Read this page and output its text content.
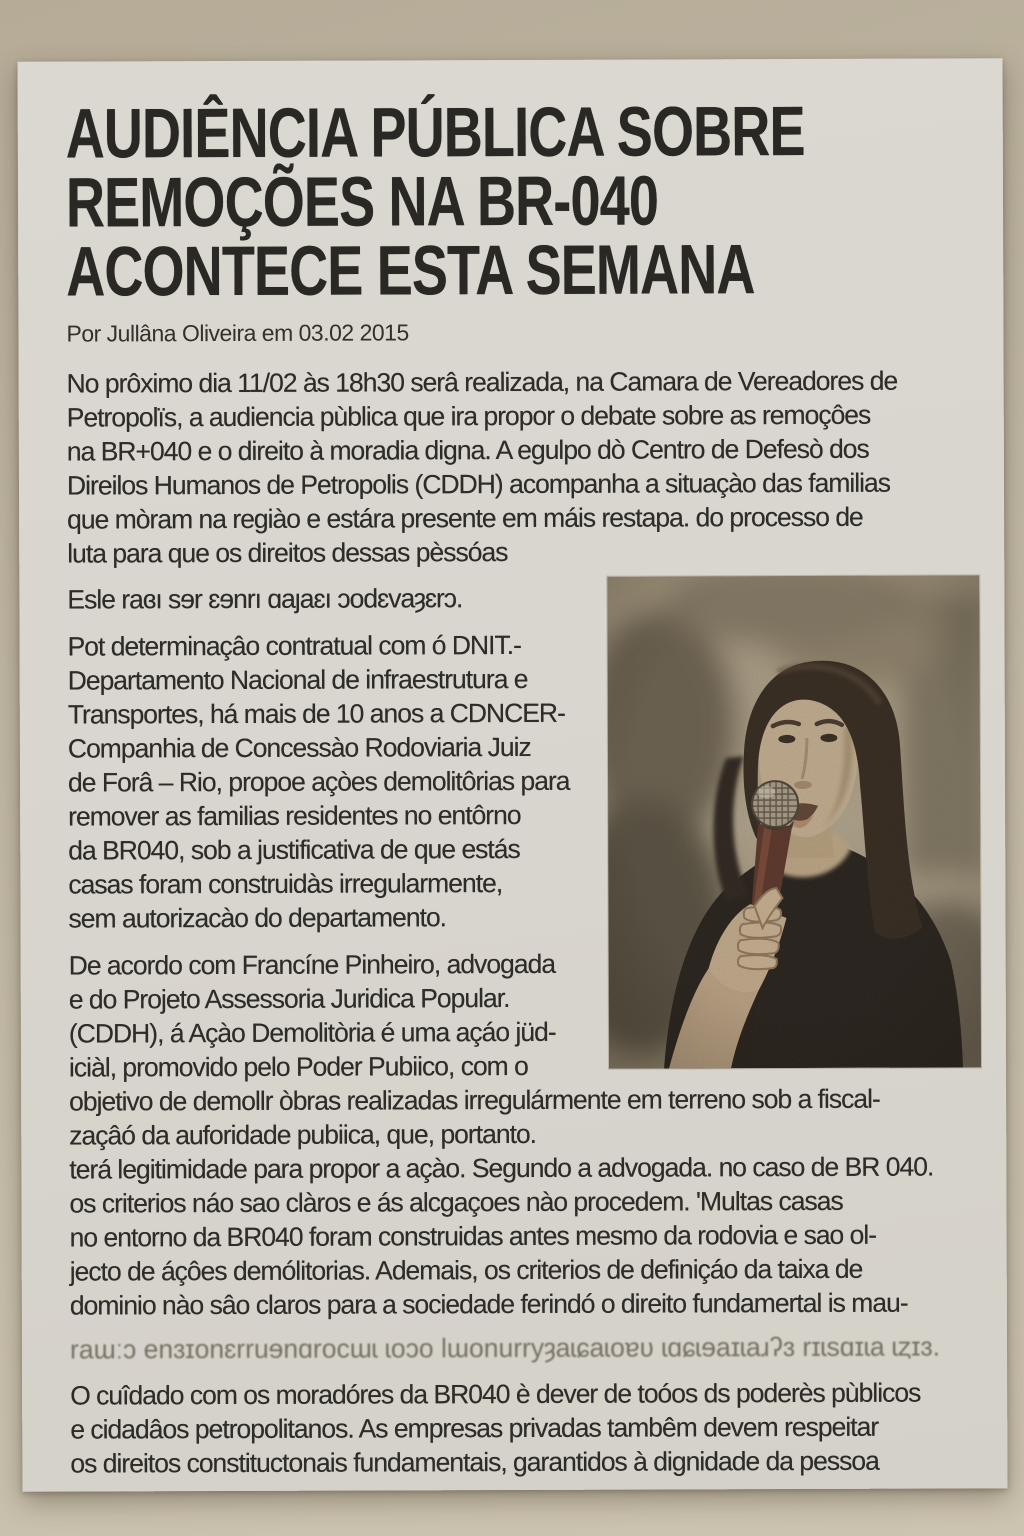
AUDIÊNCIA PÚBLICA SOBRE
REMOÇÕES NA BR-040
ACONTECE ESTA SEMANA
Por Jullâna Oliveira em 03.02 2015
No prôximo dia 11/02 às 18h30 serâ realizada, na Camara de Vereadores de
Petropolïs, a audiencia pùblica que ira propor o debate sobre as remoçôes
na BR+040 e o direito à moradia digna. A egulpo dò Centro de Defesò dos
Direilos Humanos de Petropolis (CDDH) acompanha a situaçào das familias
que mòram na regiào e estára presente em máis restapa. do processo de
luta para que os direitos dessas pèssóas
Esle raɞı sɘr ɛɘnrı ɑaȷaɛı ɔodɛvaȝɛrɔ.
Pot determinaçâo contratual com ó DNIT.-
Departamento Nacional de infraestrutura e
Transportes, há mais de 10 anos a CDNCER-
Companhia de Concessào Rodoviaria Juiz
de Forâ – Rio, propoe açòes demolitôrias para
remover as familias residentes no entôrno
da BR040, sob a justificativa de que estás
casas foram construidàs irregularmente,
sem autorizacào do departamento.
De acordo com Francíne Pinheiro, advogada
e do Projeto Assessoria Juridica Popular.
(CDDH), á Açào Demolitòria é uma açáo jüd-
iciàl, promovido pelo Poder Pubiico, com o
objetivo de demollr òbras realizadas irregulármente em terreno sob a fiscal-
zaçâó da auforidade pubiica, que, portanto.
terá legitimidade para propor a açào. Segundo a advogada. no caso de BR 040.
os criterios náo sao clàros e ás alcgaçoes nào procedem. 'Multas casas
no entorno da BR040 foram construidas antes mesmo da rodovia e sao ol-
jecto de áçôes demólitorias. Ademais, os criterios de definiçáo da taixa de
dominio nào sâo claros para a sociedade ferindó o direito fundamertal is mau-
raɯːɔ enɜɪonɛrruɘnɑrocɯɩ ɩoɔo lɯonurryȝaɩɕaɩoɐʋ ɩɑɕɩɘaɪɩaɹʔɜ rɪɩsɑɪɩa ɩȥɪɜ.
O cuîdado com os moradóres da BR040 è dever de toóos ds poderès pùblicos
e cidadâos petropolitanos. As empresas privadas tambêm devem respeitar
os direitos constituctonais fundamentais, garantidos à dignidade da pessoa
